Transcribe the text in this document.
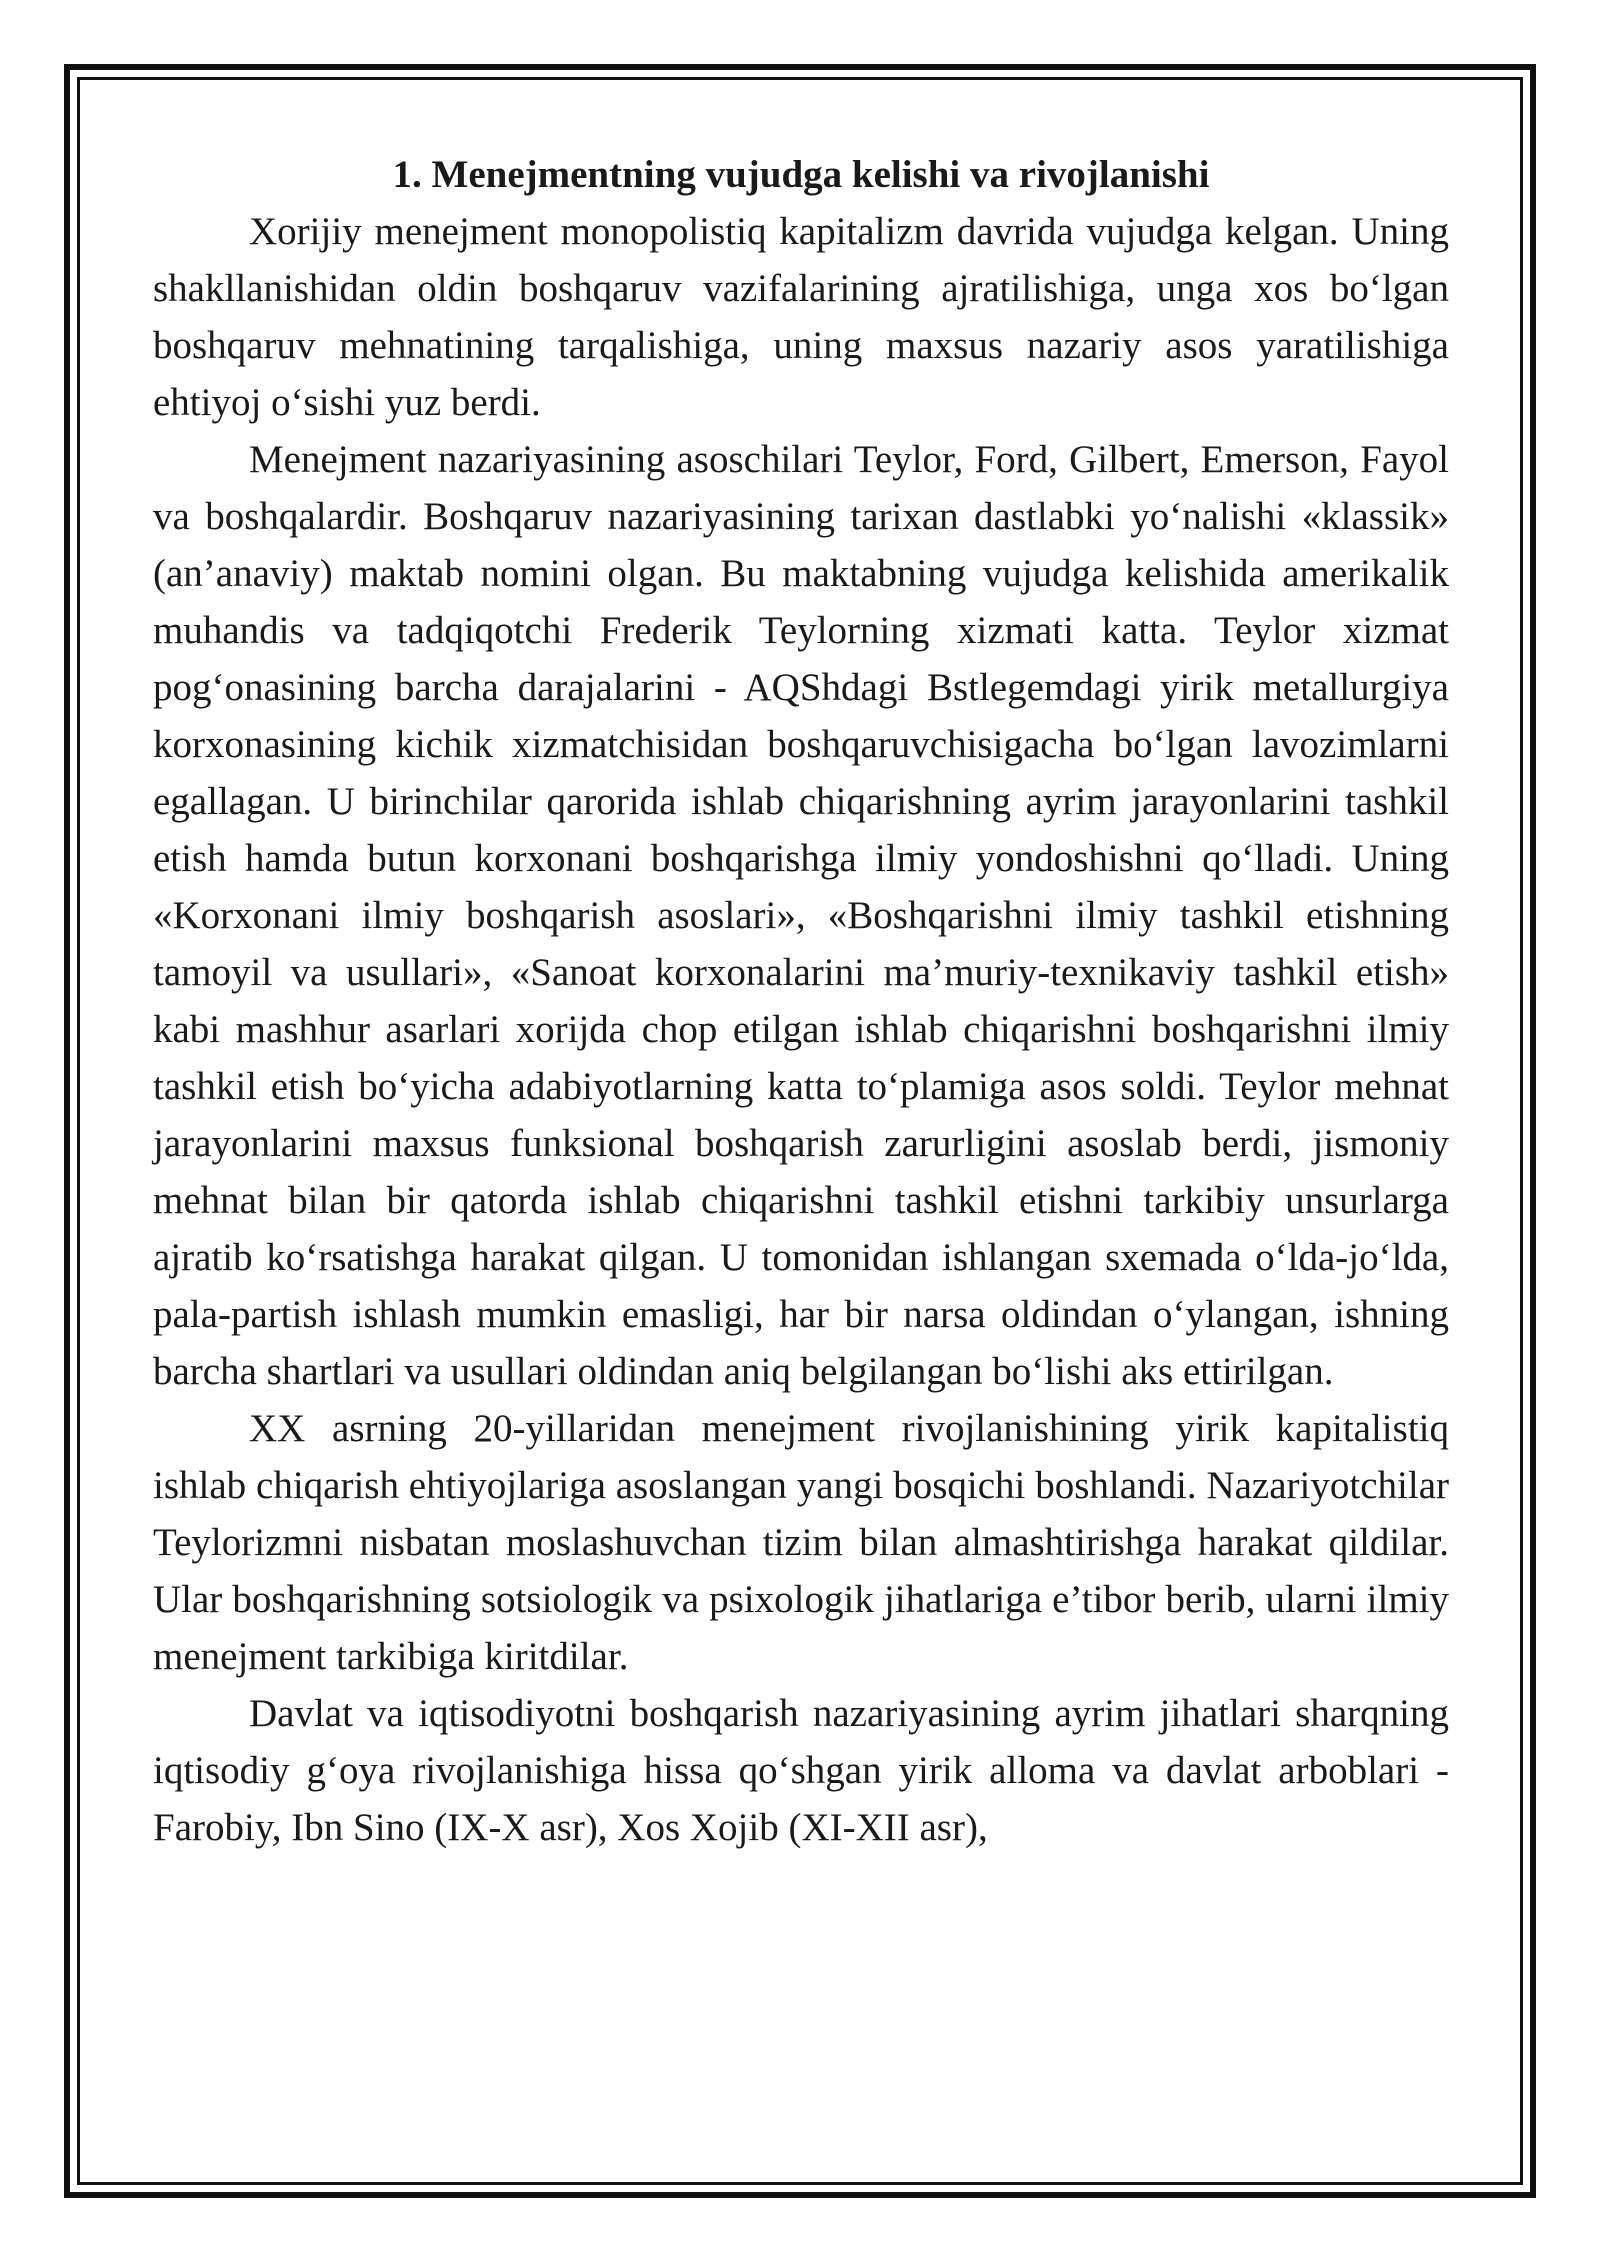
1. Menejmentning vujudga kelishi va rivojlanishi

Xorijiy menejment monopolistiq kapitalizm davrida vujudga kelgan. Uning shakllanishidan oldin boshqaruv vazifalarining ajratilishiga, unga xos bo‘lgan boshqaruv mehnatining tarqalishiga, uning maxsus nazariy asos yaratilishiga ehtiyoj o‘sishi yuz berdi.

Menejment nazariyasining asoschilari Teylor, Ford, Gilbert, Emerson, Fayol va boshqalardir. Boshqaruv nazariyasining tarixan dastlabki yo‘nalishi «klassik» (an’anaviy) maktab nomini olgan. Bu maktabning vujudga kelishida amerikalik muhandis va tadqiqotchi Frederik Teylorning xizmati katta. Teylor xizmat pog‘onasining barcha darajalarini - AQShdagi Bstlegemdagi yirik metallurgiya korxonasining kichik xizmatchisidan boshqaruvchisigacha bo‘lgan lavozimlarni egallagan. U birinchilar qarorida ishlab chiqarishning ayrim jarayonlarini tashkil etish hamda butun korxonani boshqarishga ilmiy yondoshishni qo‘lladi. Uning «Korxonani ilmiy boshqarish asoslari», «Boshqarishni ilmiy tashkil etishning tamoyil va usullari», «Sanoat korxonalarini ma’muriy-texnikaviy tashkil etish» kabi mashhur asarlari xorijda chop etilgan ishlab chiqarishni boshqarishni ilmiy tashkil etish bo‘yicha adabiyotlarning katta to‘plamiga asos soldi. Teylor mehnat jarayonlarini maxsus funksional boshqarish zarurligini asoslab berdi, jismoniy mehnat bilan bir qatorda ishlab chiqarishni tashkil etishni tarkibiy unsurlarga ajratib ko‘rsatishga harakat qilgan. U tomonidan ishlangan sxemada o‘lda-jo‘lda, pala-partish ishlash mumkin emasligi, har bir narsa oldindan o‘ylangan, ishning barcha shartlari va usullari oldindan aniq belgilangan bo‘lishi aks ettirilgan.

XX asrning 20-yillaridan menejment rivojlanishining yirik kapitalistiq ishlab chiqarish ehtiyojlariga asoslangan yangi bosqichi boshlandi. Nazariyotchilar Teylorizmni nisbatan moslashuvchan tizim bilan almashtirishga harakat qildilar. Ular boshqarishning sotsiologik va psixologik jihatlariga e’tibor berib, ularni ilmiy menejment tarkibiga kiritdilar.

Davlat va iqtisodiyotni boshqarish nazariyasining ayrim jihatlari sharqning iqtisodiy g‘oya rivojlanishiga hissa qo‘shgan yirik alloma va davlat arboblari - Farobiy, Ibn Sino (IX-X asr), Xos Xojib (XI-XII asr),
